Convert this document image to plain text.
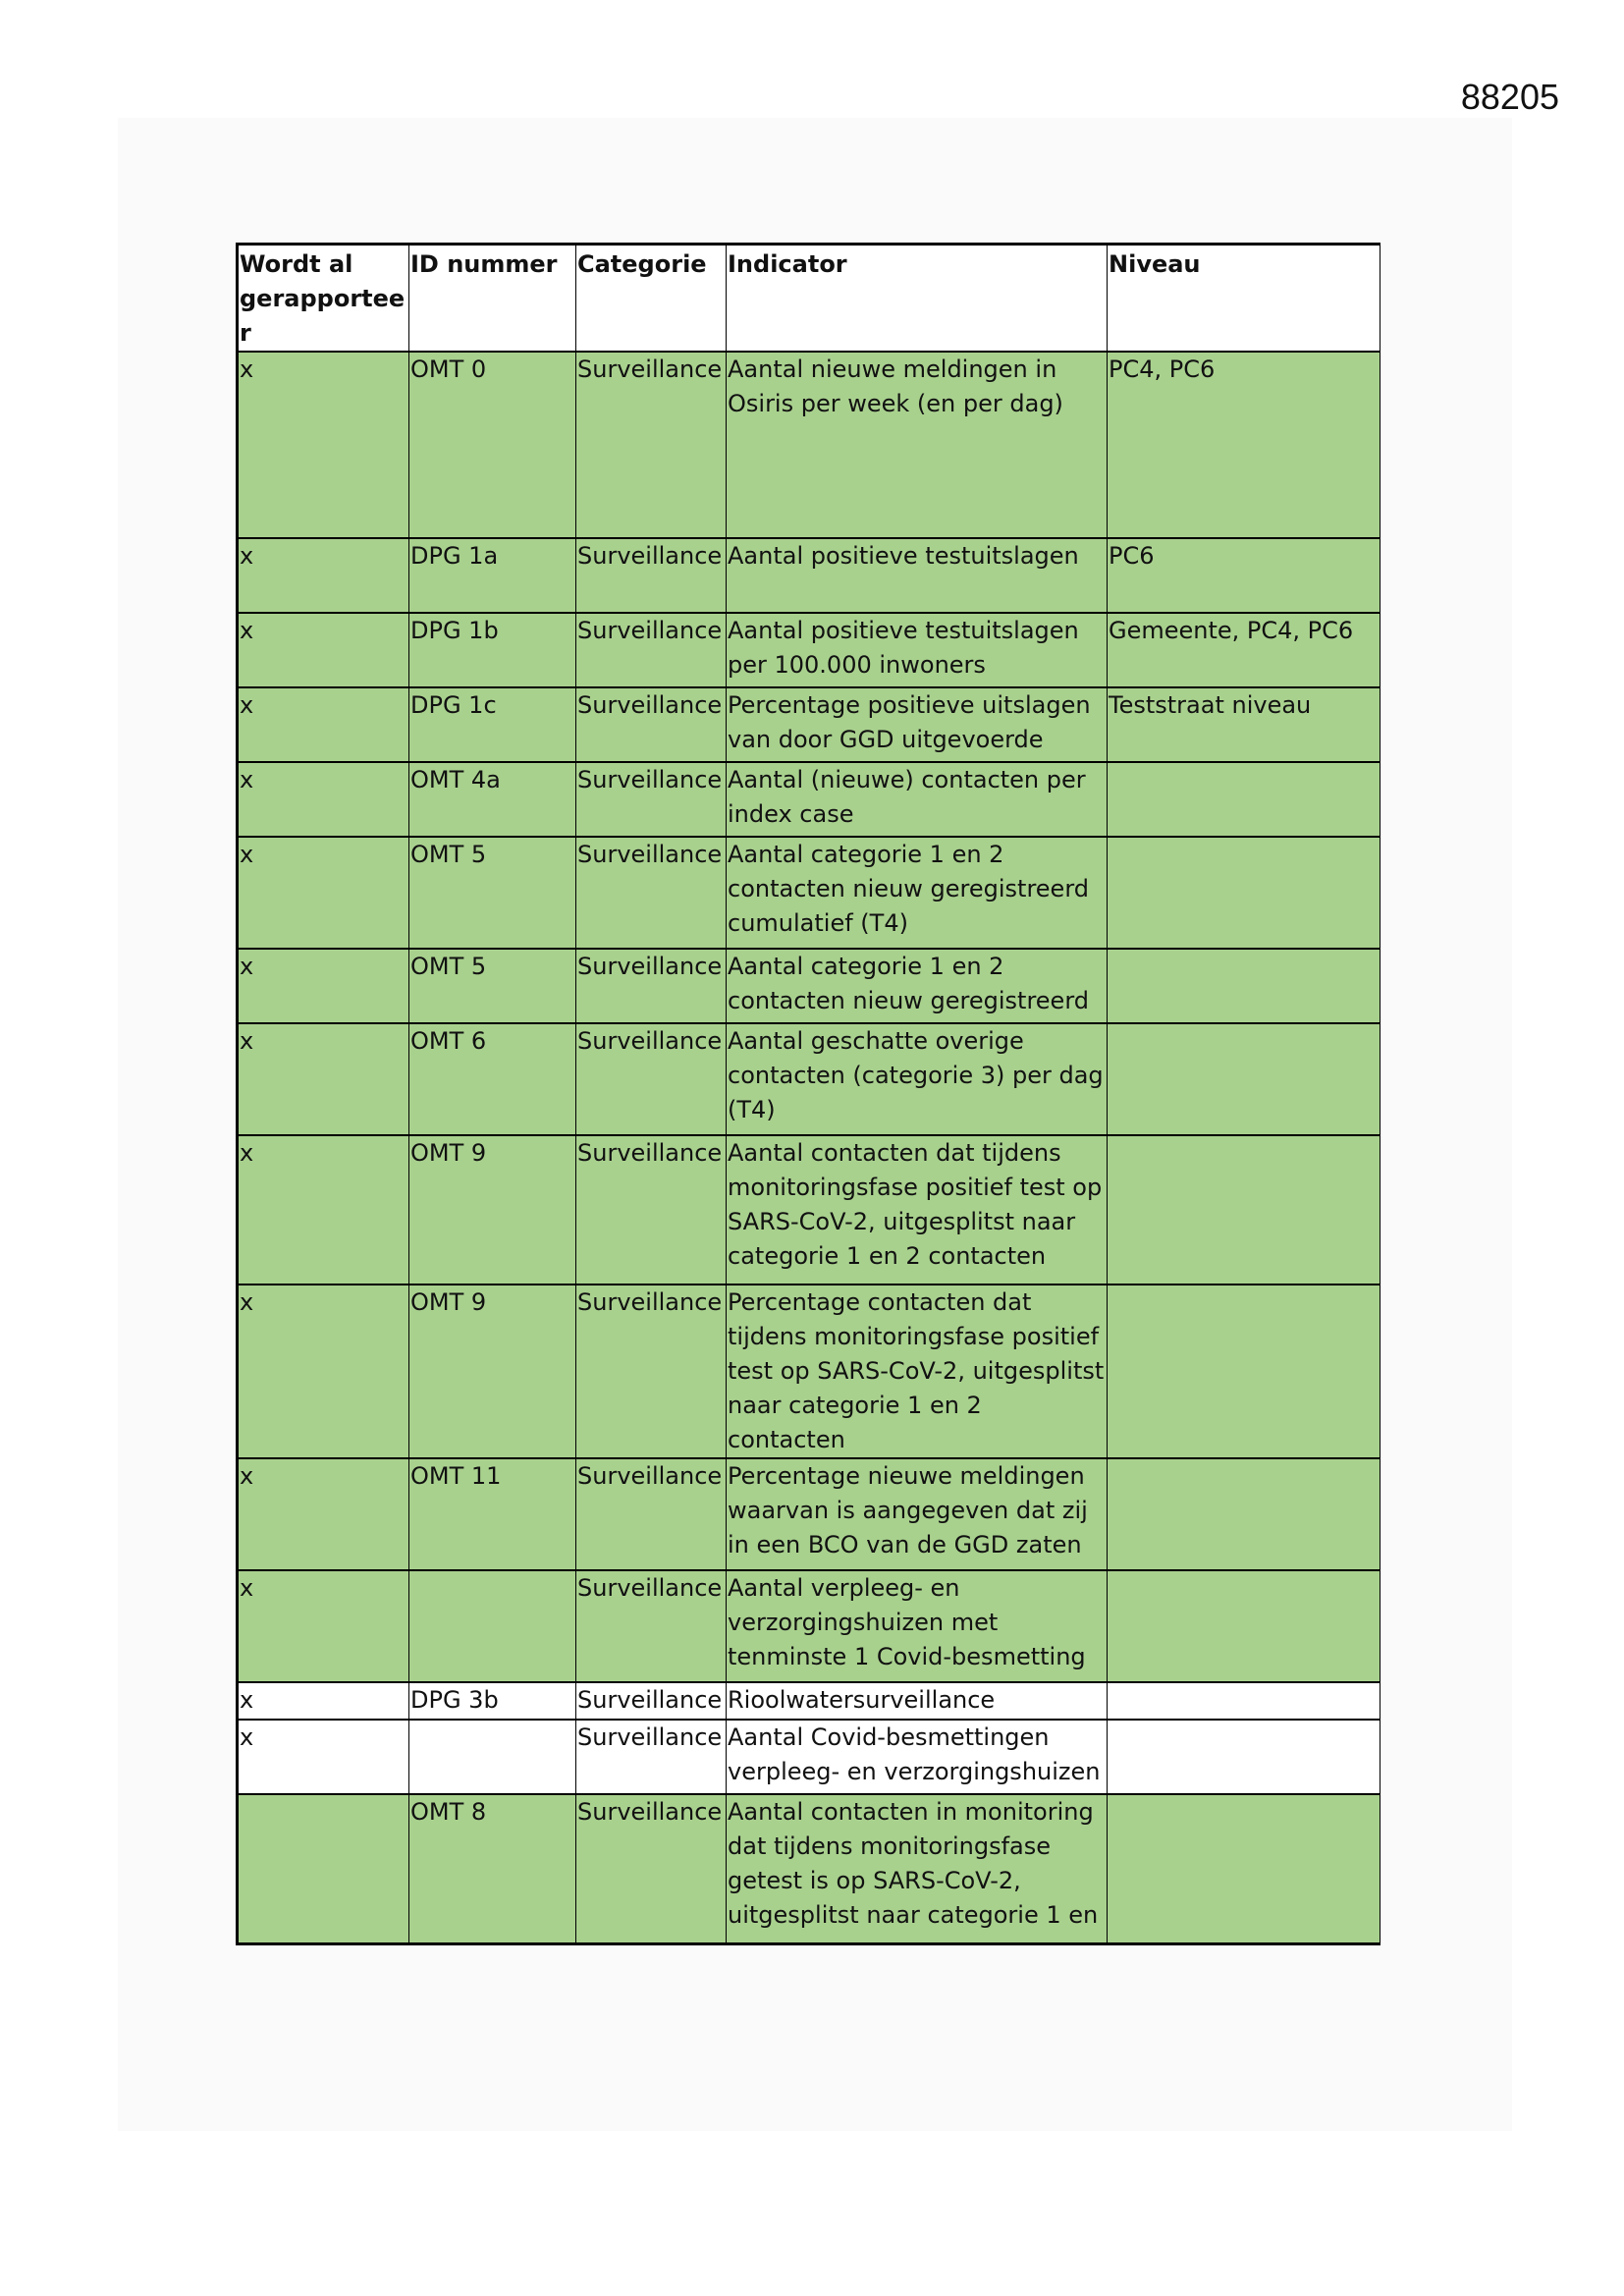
88205
Wordt al gerapporteer	ID nummer	Categorie	Indicator	Niveau
x	OMT 0	Surveillance	Aantal nieuwe meldingen in Osiris per week (en per dag)	PC4, PC6
x	DPG 1a	Surveillance	Aantal positieve testuitslagen	PC6
x	DPG 1b	Surveillance	Aantal positieve testuitslagen per 100.000 inwoners	Gemeente, PC4, PC6
x	DPG 1c	Surveillance	Percentage positieve uitslagen van door GGD uitgevoerde	Teststraat niveau
x	OMT 4a	Surveillance	Aantal (nieuwe) contacten per index case	
x	OMT 5	Surveillance	Aantal categorie 1 en 2 contacten nieuw geregistreerd cumulatief (T4)	
x	OMT 5	Surveillance	Aantal categorie 1 en 2 contacten nieuw geregistreerd	
x	OMT 6	Surveillance	Aantal geschatte overige contacten (categorie 3) per dag (T4)	
x	OMT 9	Surveillance	Aantal contacten dat tijdens monitoringsfase positief test op SARS-CoV-2, uitgesplitst naar categorie 1 en 2 contacten	
x	OMT 9	Surveillance	Percentage contacten dat tijdens monitoringsfase positief test op SARS-CoV-2, uitgesplitst naar categorie 1 en 2 contacten	
x	OMT 11	Surveillance	Percentage nieuwe meldingen waarvan is aangegeven dat zij in een BCO van de GGD zaten	
x		Surveillance	Aantal verpleeg- en verzorgingshuizen met tenminste 1 Covid-besmetting	
x	DPG 3b	Surveillance	Rioolwatersurveillance	
x		Surveillance	Aantal Covid-besmettingen verpleeg- en verzorgingshuizen	
	OMT 8	Surveillance	Aantal contacten in monitoring dat tijdens monitoringsfase getest is op SARS-CoV-2, uitgesplitst naar categorie 1 en	
